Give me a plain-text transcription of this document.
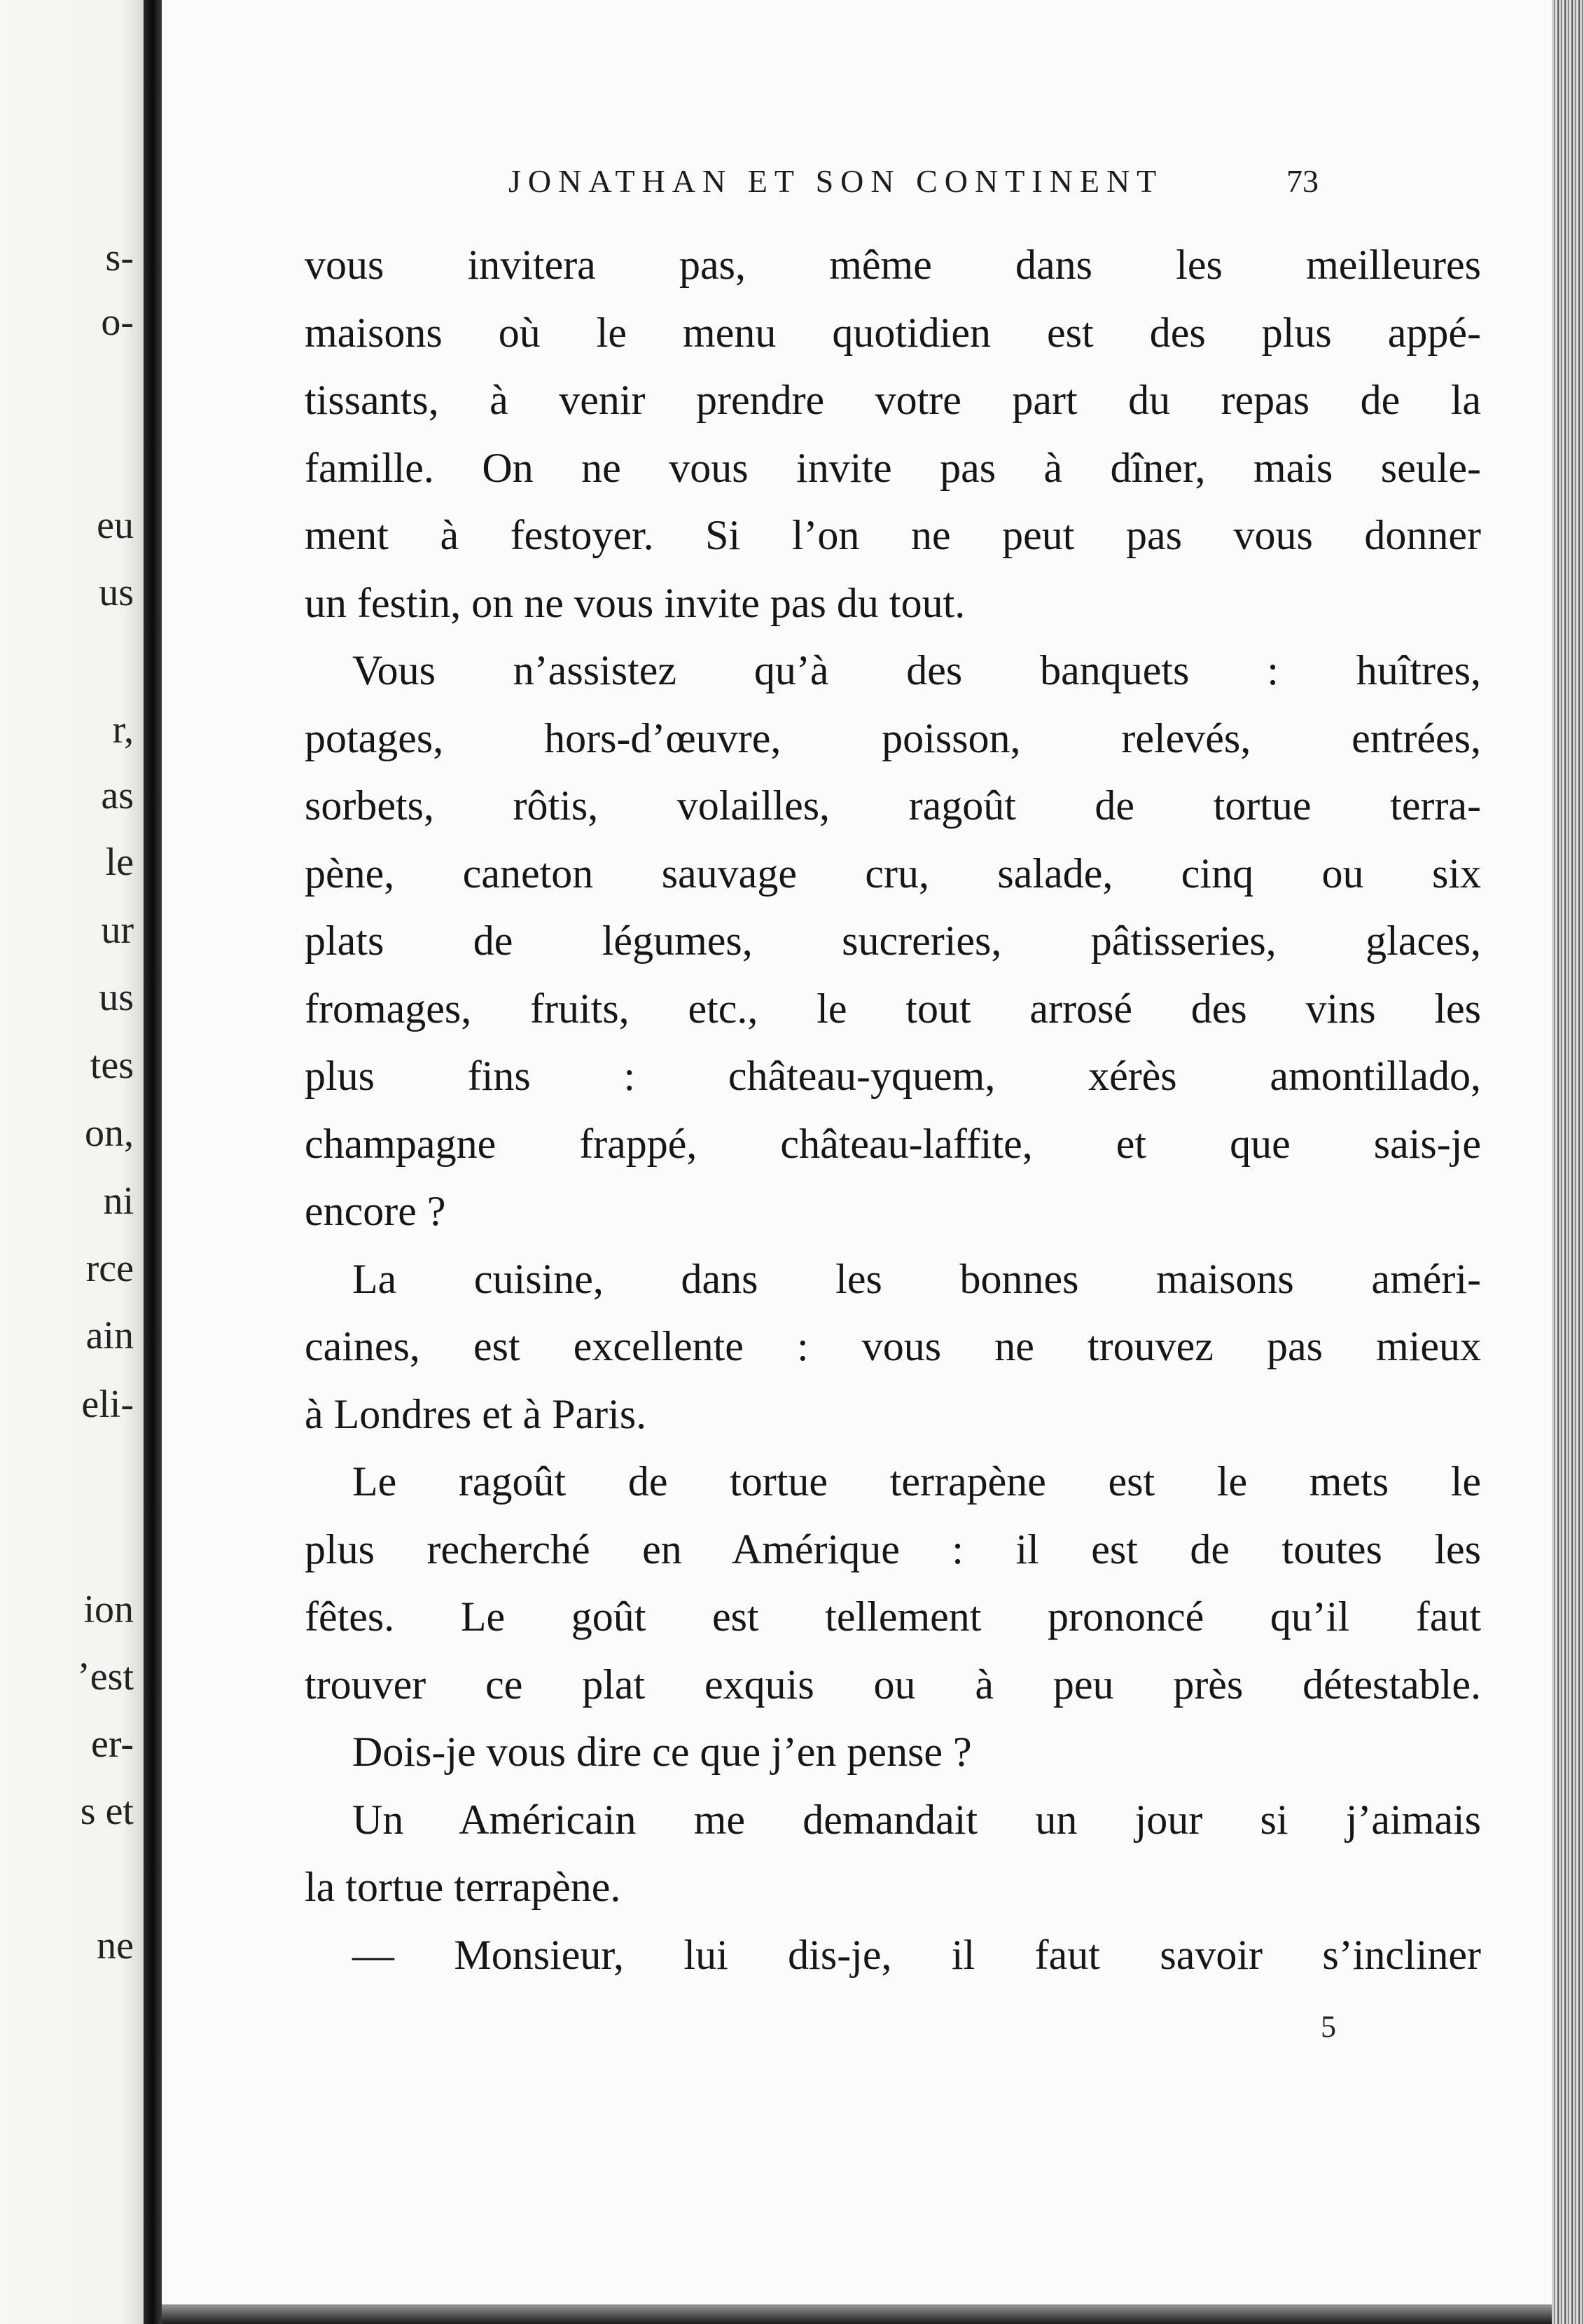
s-
o-
eu
us
r,
as
le
ur
us
tes
on,
ni
rce
ain
eli-
ion
’est
er-
s et
ne
JONATHAN ET SON CONTINENT	73
vous invitera pas, même dans les meilleures
maisons où le menu quotidien est des plus appé-
tissants, à venir prendre votre part du repas de la
famille. On ne vous invite pas à dîner, mais seule-
ment à festoyer. Si l’on ne peut pas vous donner
un festin, on ne vous invite pas du tout.
Vous n’assistez qu’à des banquets : huîtres,
potages, hors-d’œuvre, poisson, relevés, entrées,
sorbets, rôtis, volailles, ragoût de tortue terra-
pène, caneton sauvage cru, salade, cinq ou six
plats de légumes, sucreries, pâtisseries, glaces,
fromages, fruits, etc., le tout arrosé des vins les
plus fins : château-yquem, xérès amontillado,
champagne frappé, château-laffite, et que sais-je
encore ?
La cuisine, dans les bonnes maisons améri-
caines, est excellente : vous ne trouvez pas mieux
à Londres et à Paris.
Le ragoût de tortue terrapène est le mets le
plus recherché en Amérique : il est de toutes les
fêtes. Le goût est tellement prononcé qu’il faut
trouver ce plat exquis ou à peu près détestable.
Dois-je vous dire ce que j’en pense ?
Un Américain me demandait un jour si j’aimais
la tortue terrapène.
— Monsieur, lui dis-je, il faut savoir s’incliner
5
